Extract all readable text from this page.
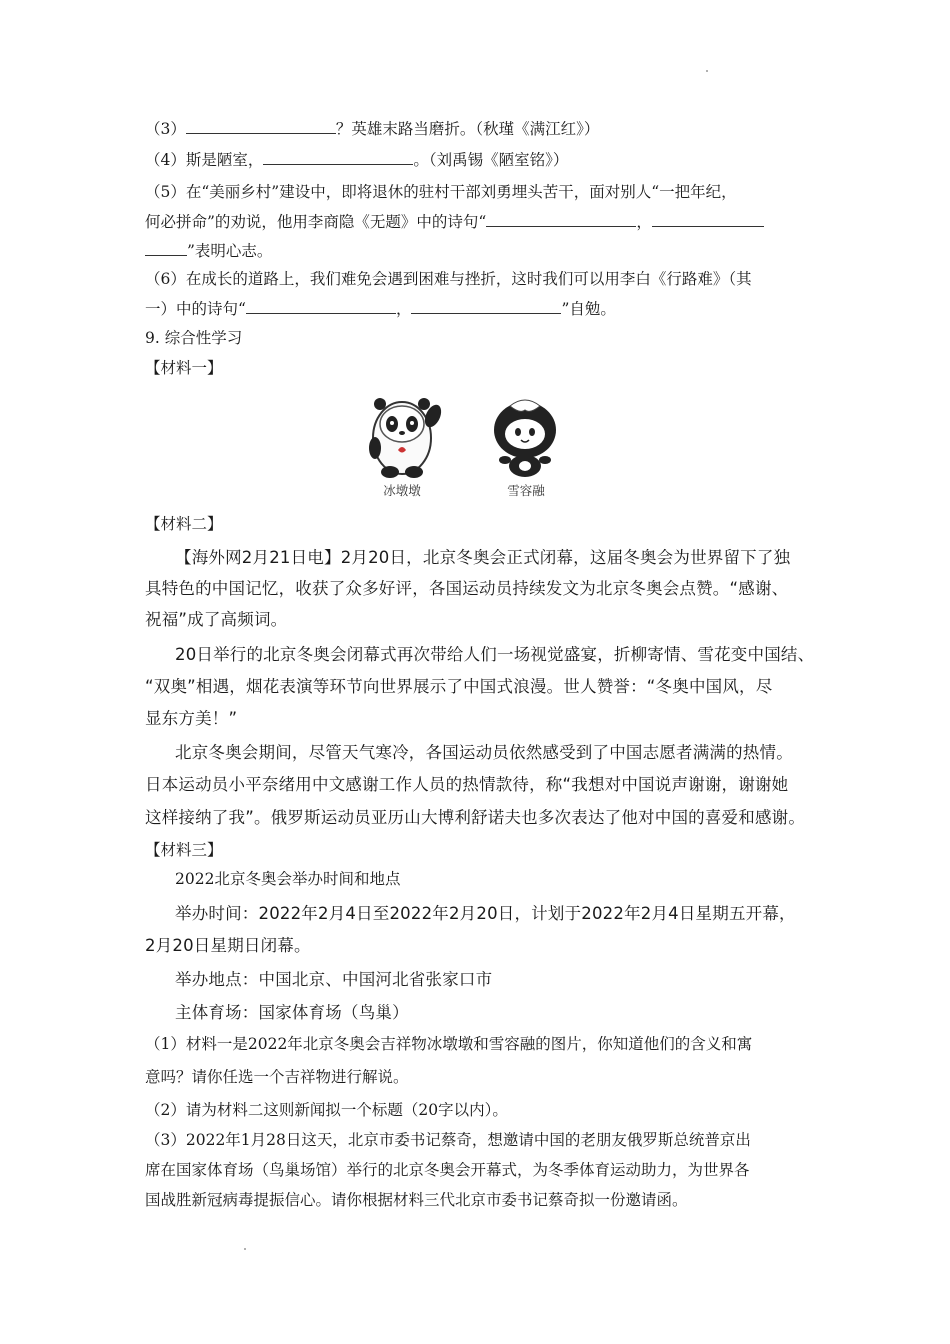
（3）	？英雄末路当磨折。（秋瑾《满江红》）
（4）斯是陋室，	。（刘禹锡《陋室铭》）
（5）在“美丽乡村”建设中，即将退休的驻村干部刘勇埋头苦干，面对别人“一把年纪，
何必拼命”的劝说，他用李商隐《无题》中的诗句“	，
”表明心志。
（6）在成长的道路上，我们难免会遇到困难与挫折，这时我们可以用李白《行路难》（其
一）中的诗句“	，	”自勉。
9. 综合性学习
【材料一】
冰墩墩	雪容融
【材料二】
【海外网2月21日电】2月20日，北京冬奥会正式闭幕，这届冬奥会为世界留下了独
具特色的中国记忆，收获了众多好评，各国运动员持续发文为北京冬奥会点赞。“感谢、
祝福”成了高频词。
20日举行的北京冬奥会闭幕式再次带给人们一场视觉盛宴，折柳寄情、雪花变中国结、
“双奥”相遇，烟花表演等环节向世界展示了中国式浪漫。世人赞誉：“冬奥中国风，尽
显东方美！”
北京冬奥会期间，尽管天气寒冷，各国运动员依然感受到了中国志愿者满满的热情。
日本运动员小平奈绪用中文感谢工作人员的热情款待，称“我想对中国说声谢谢，谢谢她
这样接纳了我”。俄罗斯运动员亚历山大博利舒诺夫也多次表达了他对中国的喜爱和感谢。
【材料三】
2022北京冬奥会举办时间和地点
举办时间：2022年2月4日至2022年2月20日，计划于2022年2月4日星期五开幕，
2月20日星期日闭幕。
举办地点：中国北京、中国河北省张家口市
主体育场：国家体育场（鸟巢）
（1）材料一是2022年北京冬奥会吉祥物冰墩墩和雪容融的图片，你知道他们的含义和寓
意吗？请你任选一个吉祥物进行解说。
（2）请为材料二这则新闻拟一个标题（20字以内）。
（3）2022年1月28日这天，北京市委书记蔡奇，想邀请中国的老朋友俄罗斯总统普京出
席在国家体育场（鸟巢场馆）举行的北京冬奥会开幕式，为冬季体育运动助力，为世界各
国战胜新冠病毒提振信心。请你根据材料三代北京市委书记蔡奇拟一份邀请函。
